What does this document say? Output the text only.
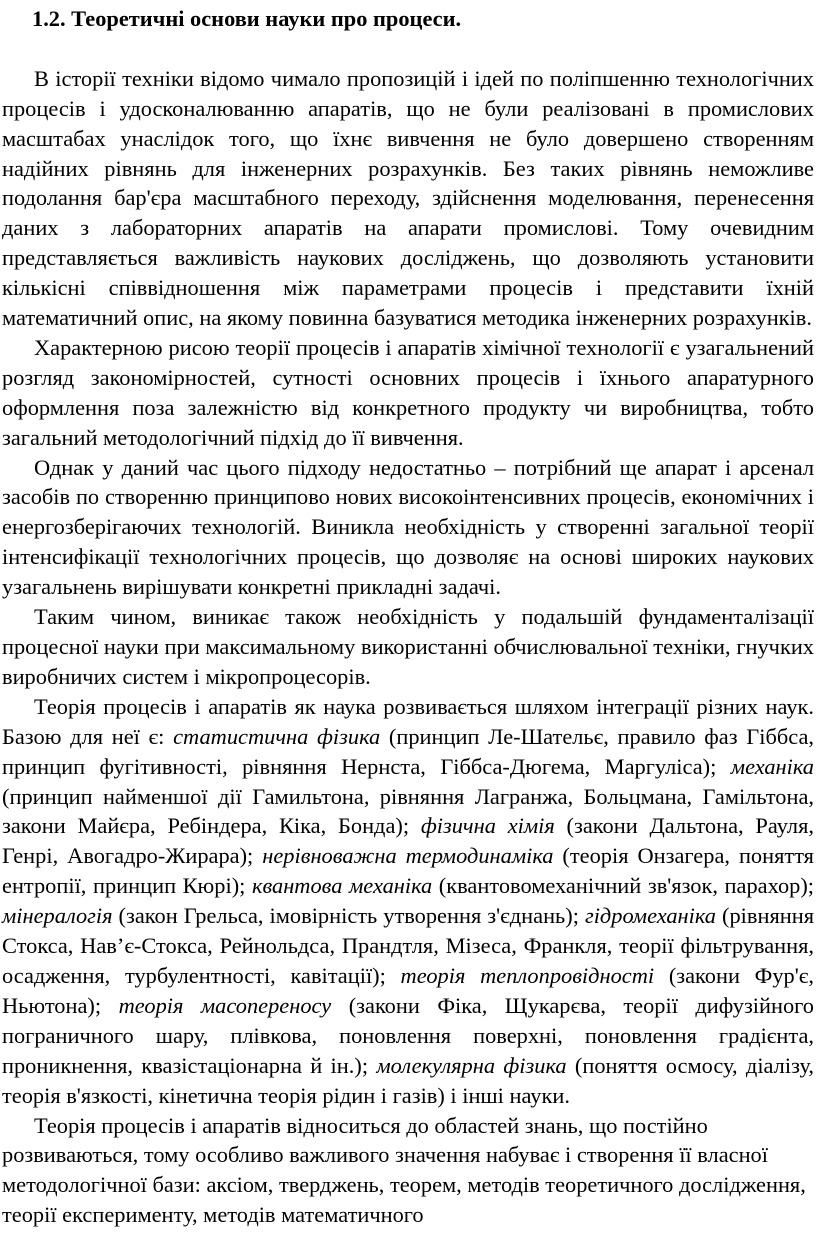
1.2. Теоретичні основи науки про процеси.

В історії техніки відомо чимало пропозицій і ідей по поліпшенню технологічних процесів і удосконалюванню апаратів, що не були реалізовані в промислових масштабах унаслідок того, що їхнє вивчення не було довершено створенням надійних рівнянь для інженерних розрахунків. Без таких рівнянь неможливе подолання бар'єра масштабного переходу, здійснення моделювання, перенесення даних з лабораторних апаратів на апарати промислові. Тому очевидним представляється важливість наукових досліджень, що дозволяють установити кількісні співвідношення між параметрами процесів і представити їхній математичний опис, на якому повинна базуватися методика інженерних розрахунків.

Характерною рисою теорії процесів і апаратів хімічної технології є узагальнений розгляд закономірностей, сутності основних процесів і їхнього апаратурного оформлення поза залежністю від конкретного продукту чи виробництва, тобто загальний методологічний підхід до її вивчення.

Однак у даний час цього підходу недостатньо – потрібний ще апарат і арсенал засобів по створенню принципово нових високоінтенсивних процесів, економічних і енергозберігаючих технологій. Виникла необхідність у створенні загальної теорії інтенсифікації технологічних процесів, що дозволяє на основі широких наукових узагальнень вирішувати конкретні прикладні задачі.

Таким чином, виникає також необхідність у подальшій фундаменталізації процесної науки при максимальному використанні обчислювальної техніки, гнучких виробничих систем і мікропроцесорів.

Теорія процесів і апаратів як наука розвивається шляхом інтеграції різних наук. Базою для неї є: статистична фізика (принцип Ле-Шательє, правило фаз Гіббса, принцип фугітивності, рівняння Нернста, Гіббса-Дюгема, Маргуліса); механіка (принцип найменшої дії Гамильтона, рівняння Лагранжа, Больцмана, Гамільтона, закони Майєра, Ребіндера, Кіка, Бонда); фізична хімія (закони Дальтона, Рауля, Генрі, Авогадро-Жирара); нерівноважна термодинаміка (теорія Онзагера, поняття ентропії, принцип Кюрі); квантова механіка (квантовомеханічний зв'язок, парахор); мінералогія (закон Грельса, імовірність утворення з'єднань); гідромеханіка (рівняння Стокса, Нав’є-Стокса, Рейнольдса, Прандтля, Мізеса, Франкля, теорії фільтрування, осадження, турбулентності, кавітації); теорія теплопровідності (закони Фур'є, Ньютона); теорія масопереносу (закони Фіка, Щукарєва, теорії дифузійного пограничного шару, плівкова, поновлення поверхні, поновлення градієнта, проникнення, квазістаціонарна й ін.); молекулярна фізика (поняття осмосу, діалізу, теорія в'язкості, кінетична теорія рідин і газів) і інші науки.

Теорія процесів і апаратів відноситься до областей знань, що постійно розвиваються, тому особливо важливого значення набуває і створення її власної методологічної бази: аксіом, тверджень, теорем, методів теоретичного дослідження, теорії експерименту, методів математичного
